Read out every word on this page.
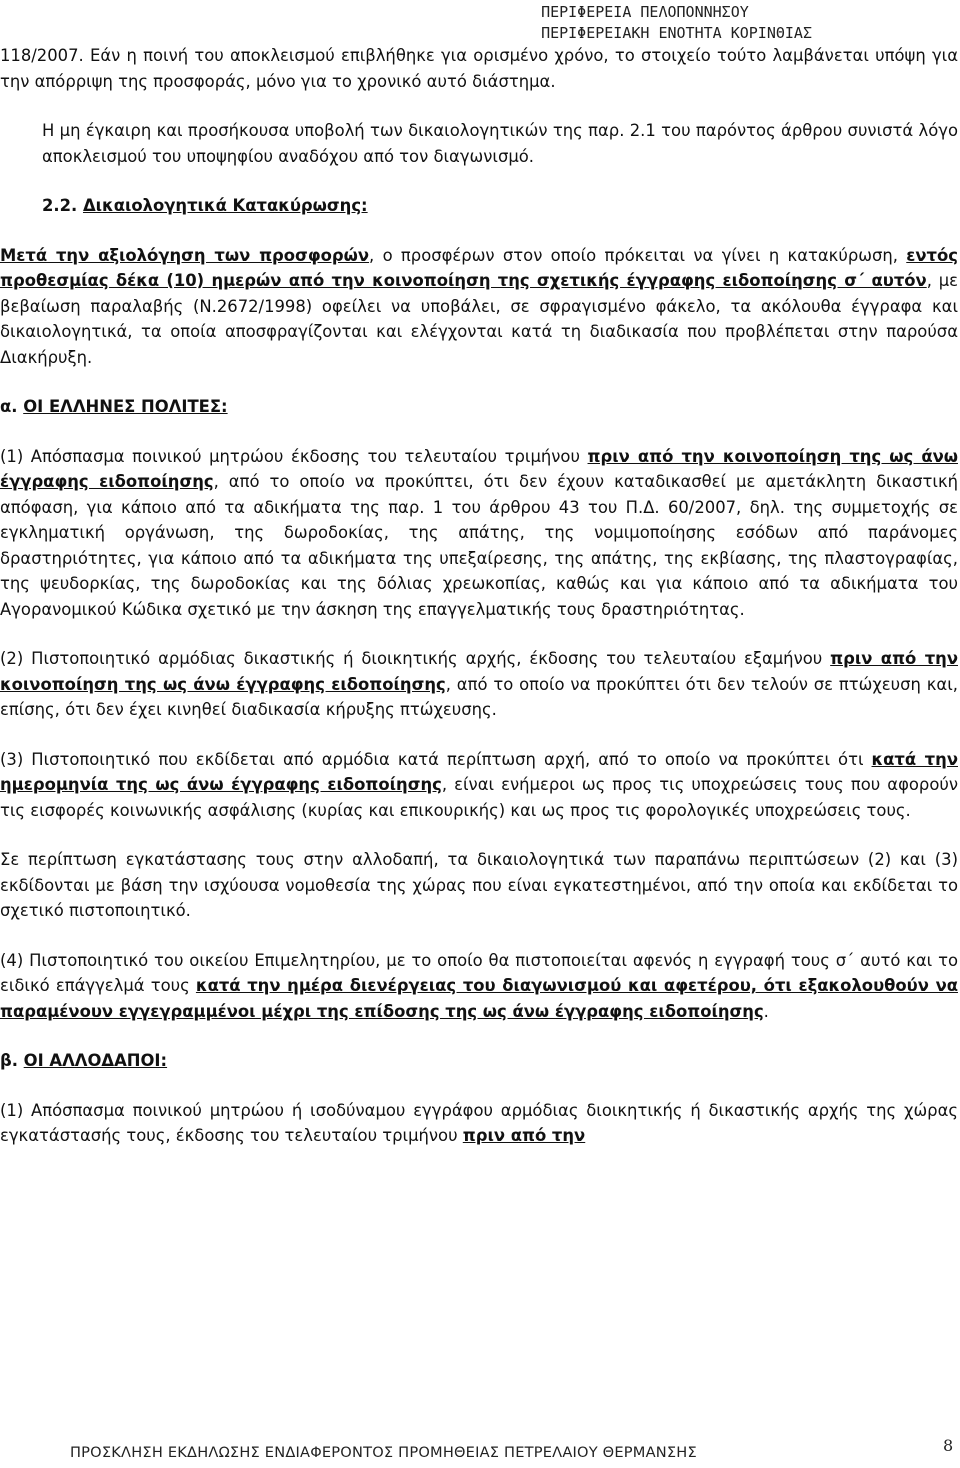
ΠΕΡΙΦΕΡΕΙΑ ΠΕΛΟΠΟΝΝΗΣΟΥ
ΠΕΡΙΦΕΡΕΙΑΚΗ ΕΝΟΤΗΤΑ ΚΟΡΙΝΘΙΑΣ

118/2007. Εάν η ποινή του αποκλεισμού επιβλήθηκε για ορισμένο χρόνο, το στοιχείο τούτο λαμβάνεται υπόψη για την απόρριψη της προσφοράς, μόνο για το χρονικό αυτό διάστημα.

Η μη έγκαιρη και προσήκουσα υποβολή των δικαιολογητικών της παρ. 2.1 του παρόντος άρθρου συνιστά λόγο αποκλεισμού του υποψηφίου αναδόχου από τον διαγωνισμό.

2.2. Δικαιολογητικά Κατακύρωσης:

Μετά την αξιολόγηση των προσφορών, ο προσφέρων στον οποίο πρόκειται να γίνει η κατακύρωση, εντός προθεσμίας δέκα (10) ημερών από την κοινοποίηση της σχετικής έγγραφης ειδοποίησης σ΄ αυτόν, με βεβαίωση παραλαβής (Ν.2672/1998) οφείλει να υποβάλει, σε σφραγισμένο φάκελο, τα ακόλουθα έγγραφα και δικαιολογητικά, τα οποία αποσφραγίζονται και ελέγχονται κατά τη διαδικασία που προβλέπεται στην παρούσα Διακήρυξη.

α. ΟΙ ΕΛΛΗΝΕΣ ΠΟΛΙΤΕΣ:

(1) Απόσπασμα ποινικού μητρώου έκδοσης του τελευταίου τριμήνου πριν από την κοινοποίηση της ως άνω έγγραφης ειδοποίησης, από το οποίο να προκύπτει, ότι δεν έχουν καταδικασθεί με αμετάκλητη δικαστική απόφαση, για κάποιο από τα αδικήματα της παρ. 1 του άρθρου 43 του Π.Δ. 60/2007, δηλ. της συμμετοχής σε εγκληματική οργάνωση, της δωροδοκίας, της απάτης, της νομιμοποίησης εσόδων από παράνομες δραστηριότητες, για κάποιο από τα αδικήματα της υπεξαίρεσης, της απάτης, της εκβίασης, της πλαστογραφίας, της ψευδορκίας, της δωροδοκίας και της δόλιας χρεωκοπίας, καθώς και για κάποιο από τα αδικήματα του Αγορανομικού Κώδικα σχετικό με την άσκηση της επαγγελματικής τους δραστηριότητας.

(2) Πιστοποιητικό αρμόδιας δικαστικής ή διοικητικής αρχής, έκδοσης του τελευταίου εξαμήνου πριν από την κοινοποίηση της ως άνω έγγραφης ειδοποίησης, από το οποίο να προκύπτει ότι δεν τελούν σε πτώχευση και, επίσης, ότι δεν έχει κινηθεί διαδικασία κήρυξης πτώχευσης.

(3) Πιστοποιητικό που εκδίδεται από αρμόδια κατά περίπτωση αρχή, από το οποίο να προκύπτει ότι κατά την ημερομηνία της ως άνω έγγραφης ειδοποίησης, είναι ενήμεροι ως προς τις υποχρεώσεις τους που αφορούν τις εισφορές κοινωνικής ασφάλισης (κυρίας και επικουρικής) και ως προς τις φορολογικές υποχρεώσεις τους.

Σε περίπτωση εγκατάστασης τους στην αλλοδαπή, τα δικαιολογητικά των παραπάνω περιπτώσεων (2) και (3) εκδίδονται με βάση την ισχύουσα νομοθεσία της χώρας που είναι εγκατεστημένοι, από την οποία και εκδίδεται το σχετικό πιστοποιητικό.

(4) Πιστοποιητικό του οικείου Επιμελητηρίου, με το οποίο θα πιστοποιείται αφενός η εγγραφή τους σ΄ αυτό και το ειδικό επάγγελμά τους κατά την ημέρα διενέργειας του διαγωνισμού και αφετέρου, ότι εξακολουθούν να παραμένουν εγγεγραμμένοι μέχρι της επίδοσης της ως άνω έγγραφης ειδοποίησης.

β. ΟΙ ΑΛΛΟΔΑΠΟΙ:

(1) Απόσπασμα ποινικού μητρώου ή ισοδύναμου εγγράφου αρμόδιας διοικητικής ή δικαστικής αρχής της χώρας εγκατάστασής τους, έκδοσης του τελευταίου τριμήνου πριν από την

ΠΡΟΣΚΛΗΣΗ ΕΚΔΗΛΩΣΗΣ ΕΝΔΙΑΦΕΡΟΝΤΟΣ ΠΡΟΜΗΘΕΙΑΣ ΠΕΤΡΕΛΑΙΟΥ ΘΕΡΜΑΝΣΗΣ	8
